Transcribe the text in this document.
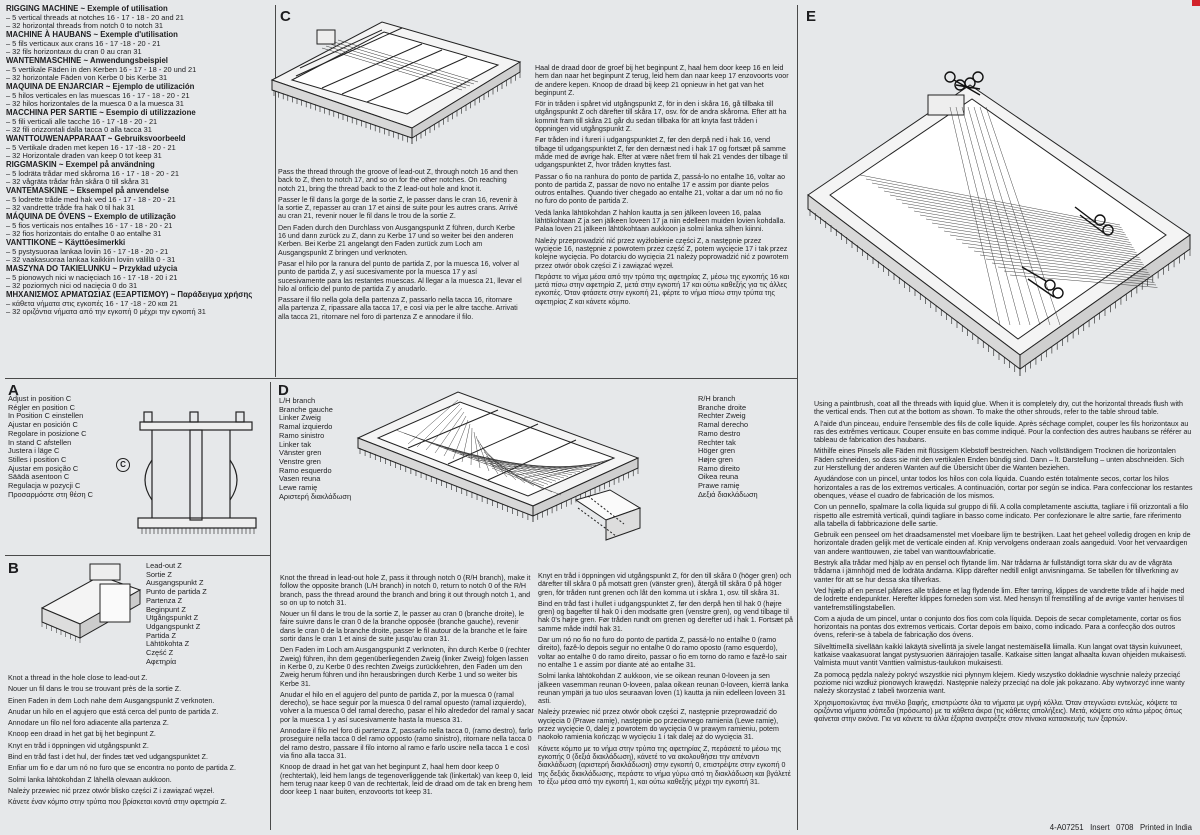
RIGGING MACHINE ~ Exemple of utilisation

– 5 vertical threads at notches 16 - 17 - 18 - 20 and 21

– 32 horizontal threads from notch 0 to notch 31

MACHINE À HAUBANS ~ Exemple d'utilisation

– 5 fils verticaux aux crans 16 - 17 -18 - 20 - 21

– 32 fils horizontaux du cran 0 au cran 31

WANTENMASCHINE ~ Anwendungsbeispiel

– 5 vertikale Fäden in den Kerben 16 - 17 - 18 - 20 und 21

– 32 horizontale Fäden von Kerbe 0 bis Kerbe 31

MAQUINA DE ENJARCIAR ~ Ejemplo de utilización

– 5 hilos verticales en las muescas 16 - 17 - 18 - 20 - 21

– 32 hilos horizontales de la muesca 0 a la muesca 31

MACCHINA PER SARTIE ~ Esempio di utilizzazione

– 5 fili verticali alle tacche 16 - 17 -18 - 20 - 21

– 32 fili orizzontali dalla tacca 0 alla tacca 31

WANTTOUWENAPPARAAT ~ Gebruiksvoorbeeld

– 5 Vertikale draden met kepen 16 - 17 -18 - 20 - 21

– 32 Horizontale draden van keep 0 tot keep 31

RIGGMASKIN ~ Exempel på användning

– 5 lodräta trådar med skårorna 16 - 17 - 18 - 20 - 21

– 32 vågräta trådar från skåra 0 till skåra 31

VANTEMASKINE ~ Eksempel på anvendelse

– 5 lodrette tråde med hak ved 16 - 17 - 18 - 20 - 21

– 32 vandrette tråde fra hak 0 til hak 31

MÁQUINA DE ÓVENS ~ Exemplo de utilização

– 5 fios verticais nos entalhes 16 - 17 - 18 - 20 - 21

– 32 fios horizontais do entalhe 0 ao entalhe 31

VANTTIKONE ~ Käyttöesimerkki

– 5 pystysuoraa lankaa loviin 16 - 17 -18 - 20 - 21

– 32 vaakasuoraa lankaa kaikkiin loviin välillä 0 - 31

MASZYNA DO TAKIELUNKU ~ Przykład użycia

– 5 pionowych nici w nacięciach 16 - 17 -18 - 20 i 21

– 32 poziomych nici od nacięcia 0 do 31

ΜΗΧΑΝΙΣΜΟΣ ΑΡΜΑΤΩΣΙΑΣ (ΕΞΑΡΤΙΣΜΟΥ) ~ Παράδειγμα χρήσης

– κάθετα νήματα στις εγκοπές 16 - 17 -18 - 20 και 21

– 32 οριζόντια νήματα από την εγκοπή 0 μέχρι την εγκοπή 31

C

Pass the thread through the groove of lead-out Z, through notch 16 and then back to Z, then to notch 17, and so on for the other notches. On reaching notch 21, bring the thread back to the Z lead-out hole and knot it.

Passer le fil dans la gorge de la sortie Z, le passer dans le cran 16, revenir à la sortie Z, repasser au cran 17 et ainsi de suite pour les autres crans. Arrivé au cran 21, revenir nouer le fil dans le trou de la sortie Z.

Den Faden durch den Durchlass von Ausgangspunkt Z führen, durch Kerbe 16 und dann zurück zu Z, dann zu Kerbe 17 und so weiter bei den anderen Kerben. Bei Kerbe 21 angelangt den Faden zurück zum Loch am Ausgangspunkt Z bringen und verknoten.

Pasar el hilo por la ranura del punto de partida Z, por la muesca 16, volver al punto de partida Z, y así sucesivamente por la muesca 17 y así sucesivamente para las restantes muescas. Al llegar a la muesca 21, llevar el hilo al orificio del punto de partida Z y anudarlo.

Passare il filo nella gola della partenza Z, passarlo nella tacca 16, ritornare alla partenza Z, ripassare alla tacca 17, e così via per le altre tacche. Arrivati alla tacca 21, ritornare nel foro di partenza Z e annodare il filo.

Haal de draad door de groef bij het beginpunt Z, haal hem door keep 16 en leid hem dan naar het beginpunt Z terug, leid hem dan naar keep 17 enzovoorts voor de andere kepen. Knoop de draad bij keep 21 opnieuw in het gat van het beginpunt Z.

För in tråden i spåret vid utgångspunkt Z, för in den i skåra 16, gå tillbaka till utgångspunkt Z och därefter till skåra 17, osv. för de andra skårorna. Efter att ha kommit fram till skåra 21 går du sedan tillbaka för att knyta fast tråden i öppningen vid utgångspunkt Z.

Før tråden ind i fureri i udgangspunktet Z, før den derpå ned i hak 16, vend tilbage til udgangspunktet Z, før den dernæst ned i hak 17 og fortsæt på samme måde med de øvrige hak. Efter at være nået frem til hak 21 vendes der tilbage til udgangspunktet Z, hvor tråden knyttes fast.

Passar o fio na ranhura do ponto de partida Z, passá-lo no entalhe 16, voltar ao ponto de partida Z, passar de novo no entalhe 17 e assim por diante pelos outros entalhes. Quando tiver chegado ao entalhe 21, voltar a dar um nó no fio no furo do ponto de partida Z.

Vedä lanka lähtökohdan Z hahlon kautta ja sen jälkeen loveen 16, palaa lähtökohtaan Z ja sen jälkeen loveen 17 ja niin edelleen muiden lovien kohdalla. Palaa loven 21 jälkeen lähtökohtaan aukkoon ja solmi lanka silhen kiinni.

Należy przeprowadzić nić przez wyżłobienie części Z, a następnie przez wycięcie 16, następnie z powrotem przez część Z, potem wycięcie 17 i tak przez kolejne wycięcia. Po dotarciu do wycięcia 21 należy poprowadzić nić z powrotem przez otwór obok części Z i zawiązać węzeł.

Περάστε το νήμα μέσα από την τρύπα της αφετηρίας Z, μέσω της εγκοπής 16 και μετά πίσω στην αφετηρία Z, μετά στην εγκοπή 17 και ούτω καθεξής για τις άλλες εγκοπές. Όταν φτάσετε στην εγκοπή 21, φέρτε το νήμα πίσω στην τρύπα της αφετηρίας Z και κάνετε κόμπο.

A

Adjust in position C

Régler en position C

In Position C einstellen

Ajustar en posición C

Regolare in posizione C

In stand C afstellen

Justera i läge C

Stilles i position C

Ajustar em posição C

Säädä asentoon C

Regulacja w pozycji C

Προσαρμόστε στη θέση C

C
B	Lead-out Z

Sortie Z

Ausgangspunkt Z

Punto de partida Z

Partenza Z

Beginpunt Z

Utgångspunkt Z

Udgangspunkt Z

Partida Z

Lähtökohta Z

Część Z

Αφετηρία

Knot a thread in the hole close to lead-out Z.

Nouer un fil dans le trou se trouvant près de la sortie Z.

Einen Faden in dem Loch nahe dem Ausgangspunkt Z verknoten.

Anudar un hilo en el agujero que está cerca del punto de partida Z.

Annodare un filo nel foro adiacente alla partenza Z.

Knoop een draad in het gat bij het beginpunt Z.

Knyt en tråd i öppningen vid utgångspunkt Z.

Bind en tråd fast i det hul, der findes tæt ved udgangspunktet Z.

Enfiar um fio e dar um nó no furo que se encontra no ponto de partida Z.

Solmi lanka lähtökohdan Z lähellä olevaan aukkoon.

Należy przewiec nić przez otwór blisko części Z i zawiązać węzeł.

Κάνετε έναν κόμπο στην τρύπα που βρίσκεται κοντά στην αφετηρία Z.

D

L/H branch

Branche gauche

Linker Zweig

Ramal izquierdo

Ramo sinistro

Linker tak

Vänster gren

Venstre gren

Ramo esquerdo

Vasen reuna

Lewe ramię

Αριστερή διακλάδωση

R/H branch

Branche droite

Rechter Zweig

Ramal derecho

Ramo destro

Rechter tak

Höger gren

Højre gren

Ramo direito

Oikea reuna

Prawe ramię

Δεξιά διακλάδωση

Knot the thread in lead-out hole Z, pass it through notch 0 (R/H branch), make it follow the opposite branch (L/H branch) in notch 0, return to notch 0 of the R/H branch, pass the thread around the branch and bring it out through notch 1, and so on up to notch 31.

Nouer un fil dans le trou de la sortie Z, le passer au cran 0 (branche droite), le faire suivre dans le cran 0 de la branche opposée (branche gauche), revenir dans le cran 0 de la branche droite, passer le fil autour de la branche et le faire sortir dans le cran 1 et ainsi de suite jusqu'au cran 31.

Den Faden im Loch am Ausgangspunkt Z verknoten, ihn durch Kerbe 0 (rechter Zweig) führen, ihn dem gegenüberliegenden Zweig (linker Zweig) folgen lassen in Kerbe 0, zu Kerbe 0 des rechten Zweigs zurückkehren, den Faden um den Zweig herum führen und ihn herausbringen durch Kerbe 1 und so weiter bis Kerbe 31.

Anudar el hilo en el agujero del punto de partida Z, por la muesca 0 (ramal derecho), se hace seguir por la muesca 0 del ramal opuesto (ramal izquierdo), volver a la muesca 0 del ramal derecho, pasar el hilo alrededor del ramal y sacar por la muesca 1 y así sucesivamente hasta la muesca 31.

Annodare il filo nel foro di partenza Z, passarlo nella tacca 0, (ramo destro), farlo proseguire nella tacca 0 del ramo opposto (ramo sinistro), ritornare nella tacca 0 del ramo destro, passare il filo intorno al ramo e farlo uscire nella tacca 1 e così via fino alla tacca 31.

Knoop de draad in het gat van het beginpunt Z, haal hem door keep 0 (rechtertak), leid hem langs de tegenoverliggende tak (linkertak) van keep 0, leid hem terug naar keep 0 van de rechtertak, leid de draad om de tak en breng hem door keep 1 naar buiten, enzovoorts tot keep 31.

Knyt en tråd i öppningen vid utgångspunkt Z, för den till skåra 0 (höger gren) och därefter till skåra 0 på motsatt gren (vänster gren), återgå till skåra 0 på höger gren, för tråden runt grenen och låt den komma ut i skåra 1, osv. till skåra 31.

Bind en tråd fast i hullet i udgangspunktet Z, før den derpå hen til hak 0 (højre gren) og bagefter til hak 0 i den modsatte gren (venstre gren), og vend tilbage til hak 0's højre gren. Før tråden rundt om grenen og derefter ud i hak 1. Fortsæt på samme måde indtil hak 31.

Dar um nó no fio no furo do ponto de partida Z, passá-lo no entalhe 0 (ramo direito), fazê-lo depois seguir no entalhe 0 do ramo oposto (ramo esquerdo), voltar ao entalhe 0 do ramo direito, passar o fio em torno do ramo e fazê-lo sair no entalhe 1 e assim por diante até ao entalhe 31.

Solmi lanka lähtökohdan Z aukkoon, vie se oikean reunan 0-loveen ja sen jälkeen vasemman reunan 0-loveen, palaa oikean reunan 0-loveen, kierrä lanka reunan ympäri ja tuo ulos seuraavan loven (1) kautta ja niin edelleen loveen 31 asti.

Należy przewiec nić przez otwór obok części Z, następnie przeprowadzić do wycięcia 0 (Prawe ramię), następnie po przeciwnego ramienia (Lewe ramię), przez wycięcie 0, dalej z powrotem do wycięcia 0 w prawym ramieniu, potem naokoło ramienia kończąc w wycięciu 1 i tak dalej aż do wycięcia 31.

Κάνετε κόμπο με το νήμα στην τρύπα της αφετηρίας Z, περάσετέ το μέσω της εγκοπής 0 (δεξιά διακλάδωση), κάνετέ το να ακολουθήσει την απέναντι διακλάδωση (αριστερή διακλάδωση) στην εγκοπή 0, επιστρέψτε στην εγκοπή 0 της δεξιάς διακλάδωσης, περάστε το νήμα γύρω από τη διακλάδωση και βγάλετέ το έξω μέσα από την εγκοπή 1, και ούτω καθεξής μέχρι την εγκοπή 31.

E

Using a paintbrush, coat all the threads with liquid glue. When it is completely dry, cut the horizontal threads flush with the vertical ends. Then cut at the bottom as shown. To make the other shrouds, refer to the table shroud table.

A l'aide d'un pinceau, enduire l'ensemble des fils de colle liquide. Après séchage complet, couper les fils horizontaux au ras des extrêmes verticaux. Couper ensuite en bas comme indiqué. Pour la confection des autres haubans se référer au tableau de fabrication des haubans.

Mithilfe eines Pinsels alle Fäden mit flüssigem Klebstoff bestreichen. Nach vollständigem Trocknen die horizontalen Fäden schneiden, so dass sie mit den vertikalen Enden bündig sind. Dann – lt. Darstellung – unten abschneiden. Sich zur Herstellung der anderen Wanten auf die Übersicht über die Wanten beziehen.

Ayudándose con un pincel, untar todos los hilos con cola líquida. Cuando estén totalmente secos, cortar los hilos horizontales a ras de los extremos verticales. A continuación, cortar por según se indica. Para confeccionar los restantes obenques, véase el cuadro de fabricación de los mismos.

Con un pennello, spalmare la colla liquida sul gruppo di fili. A colla completamente asciutta, tagliare i fili orizzontali a filo rispetto alle estremità verticali, quindi tagliare in basso come indicato. Per confezionare le altre sartie, fare riferimento alla tabella di fabbricazione delle sartie.

Gebruik een penseel om het draadsamenstel met vloeibare lijm te bestrijken. Laat het geheel volledig drogen en knip de horizontale draden gelijk met de verticale einden af. Knip vervolgens onderaan zoals aangeduid. Voor het vervaardigen van andere wanttouwen, zie tabel van wanttouwfabricatie.

Bestryk alla trådar med hjälp av en pensel och flytande lim. När trådarna är fullständigt torra skär du av de vågräta trådarna i jämnhöjd med de lodräta ändarna. Klipp därefter nedtill enligt anvisningarna. Se tabellen för tillverkning av vanter för att se hur dessa ska tillverkas.

Ved hjælp af en pensel påføres alle trådene et lag flydende lim. Efter tørring, klippes de vandrette tråde af i højde med de lodrette endepunkter. Herefter klippes forneden som vist. Med hensyn til fremstilling af de øvrige vanter henvises til vantefremstillingstabellen.

Com a ajuda de um pincel, untar o conjunto dos fios com cola líquida. Depois de secar completamente, cortar os fios horizontais na pontas dos extremos verticais. Cortar depois em baixo, como indicado. Para a confecção dos outros óvens, referir-se à tabela de fabricação dos óvens.

Silvelttimellä sivellään kaikki lakäytä sivellintä ja sivele langat nestemäisellä liimalla. Kun langat ovat täysin kuivuneet, katkaise vaakasuorat langat pystysuorien äärirajojen tasalle. Katkaise sitten langat alhaalta kuvan ohjeiden mukaisesti. Valmista muut vantit Vanttien valmistus-taulukon mukaisesti.

Za pomocą pędzla należy pokryć wszystkie nici płynnym klejem. Kiedy wszystko dokładnie wyschnie należy przeciąć poziome nici wzdłuż pionowych krawędzi. Następnie należy przeciąć na dole jak pokazano. Aby wytworzyć inne wanty należy skorzystać z tabeli tworzenia want.

Χρησιμοποιώντας ένα πινέλο βαφής, επιστρώστε όλα τα νήματα με υγρή κόλλα. Όταν στεγνώσει εντελώς, κόψετε τα οριζόντια νήματα ισόπεδα (πρόσωπο) με τα κάθετα άκρα (τις κάθετες απολήξεις). Μετά, κόψετε στο κάτω μέρος όπως φαίνεται στην εικόνα. Για να κάνετε τα άλλα έξαρτια ανατρέξτε στον πίνακα κατασκευής των ξαρτιών.

4-A07251 Insert 0708 Printed in India
